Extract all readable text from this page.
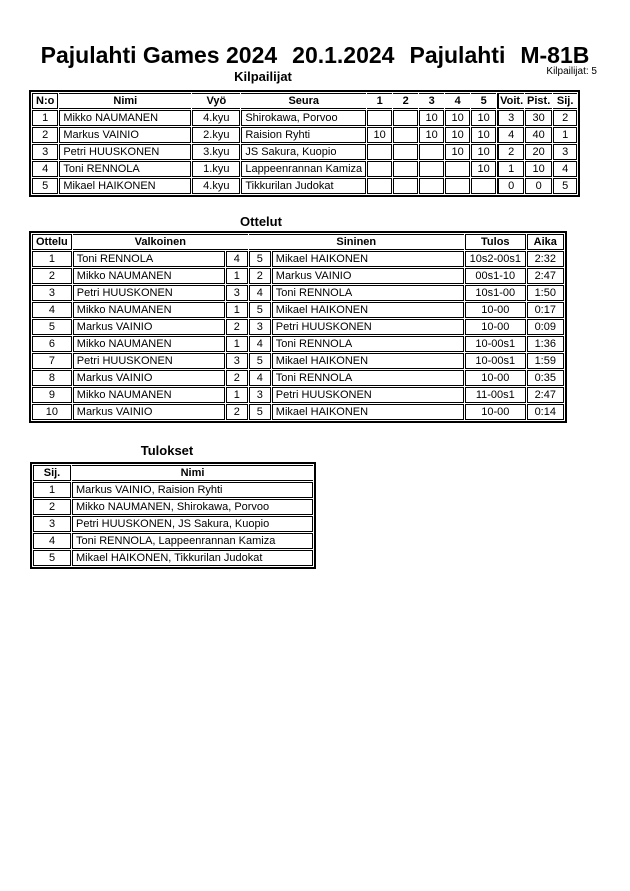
Pajulahti Games 2024 20.1.2024 Pajulahti M-81B
Kilpailijat: 5
Kilpailijat
N:o	Nimi	Vyö	Seura	1	2	3	4	5	Voit.	Pist.	Sij.
1	Mikko NAUMANEN	4.kyu	Shirokawa, Porvoo			10	10	10	3	30	2
2	Markus VAINIO	2.kyu	Raision Ryhti	10		10	10	10	4	40	1
3	Petri HUUSKONEN	3.kyu	JS Sakura, Kuopio				10	10	2	20	3
4	Toni RENNOLA	1.kyu	Lappeenrannan Kamiza					10	1	10	4
5	Mikael HAIKONEN	4.kyu	Tikkurilan Judokat						0	0	5
Ottelut
Ottelu	Valkoinen		Sininen		Tulos	Aika
1	Toni RENNOLA	4	5	Mikael HAIKONEN	10s2-00s1	2:32
2	Mikko NAUMANEN	1	2	Markus VAINIO	00s1-10	2:47
3	Petri HUUSKONEN	3	4	Toni RENNOLA	10s1-00	1:50
4	Mikko NAUMANEN	1	5	Mikael HAIKONEN	10-00	0:17
5	Markus VAINIO	2	3	Petri HUUSKONEN	10-00	0:09
6	Mikko NAUMANEN	1	4	Toni RENNOLA	10-00s1	1:36
7	Petri HUUSKONEN	3	5	Mikael HAIKONEN	10-00s1	1:59
8	Markus VAINIO	2	4	Toni RENNOLA	10-00	0:35
9	Mikko NAUMANEN	1	3	Petri HUUSKONEN	11-00s1	2:47
10	Markus VAINIO	2	5	Mikael HAIKONEN	10-00	0:14
Tulokset
Sij.	Nimi
1	Markus VAINIO, Raision Ryhti
2	Mikko NAUMANEN, Shirokawa, Porvoo
3	Petri HUUSKONEN, JS Sakura, Kuopio
4	Toni RENNOLA, Lappeenrannan Kamiza
5	Mikael HAIKONEN, Tikkurilan Judokat
